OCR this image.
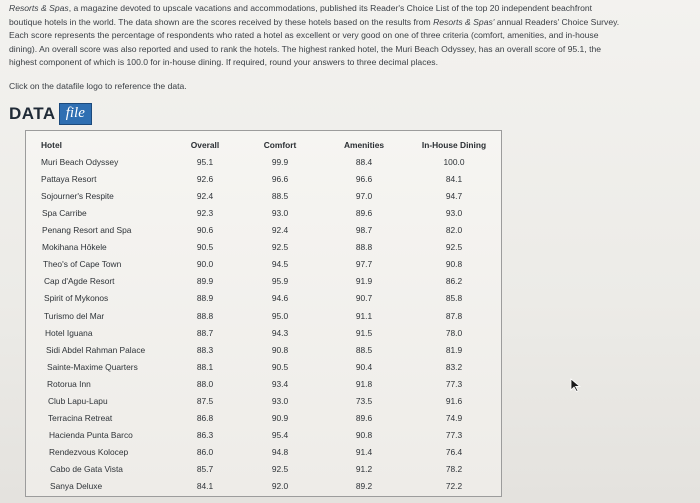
Resorts & Spas, a magazine devoted to upscale vacations and accommodations, published its Reader's Choice List of the top 20 independent beachfront
boutique hotels in the world. The data shown are the scores received by these hotels based on the results from Resorts & Spas' annual Readers' Choice Survey.
Each score represents the percentage of respondents who rated a hotel as excellent or very good on one of three criteria (comfort, amenities, and in-house
dining). An overall score was also reported and used to rank the hotels. The highest ranked hotel, the Muri Beach Odyssey, has an overall score of 95.1, the
highest component of which is 100.0 for in-house dining. If required, round your answers to three decimal places.
Click on the datafile logo to reference the data.
DATA file
Hotel	Overall	Comfort	Amenities	In-House Dining
Muri Beach Odyssey	95.1	99.9	88.4	100.0
Pattaya Resort	92.6	96.6	96.6	84.1
Sojourner's Respite	92.4	88.5	97.0	94.7
Spa Carribe	92.3	93.0	89.6	93.0
Penang Resort and Spa	90.6	92.4	98.7	82.0
Mokihana Hōkele	90.5	92.5	88.8	92.5
Theo's of Cape Town	90.0	94.5	97.7	90.8
Cap d'Agde Resort	89.9	95.9	91.9	86.2
Spirit of Mykonos	88.9	94.6	90.7	85.8
Turismo del Mar	88.8	95.0	91.1	87.8
Hotel Iguana	88.7	94.3	91.5	78.0
Sidi Abdel Rahman Palace	88.3	90.8	88.5	81.9
Sainte-Maxime Quarters	88.1	90.5	90.4	83.2
Rotorua Inn	88.0	93.4	91.8	77.3
Club Lapu-Lapu	87.5	93.0	73.5	91.6
Terracina Retreat	86.8	90.9	89.6	74.9
Hacienda Punta Barco	86.3	95.4	90.8	77.3
Rendezvous Kolocep	86.0	94.8	91.4	76.4
Cabo de Gata Vista	85.7	92.5	91.2	78.2
Sanya Deluxe	84.1	92.0	89.2	72.2
